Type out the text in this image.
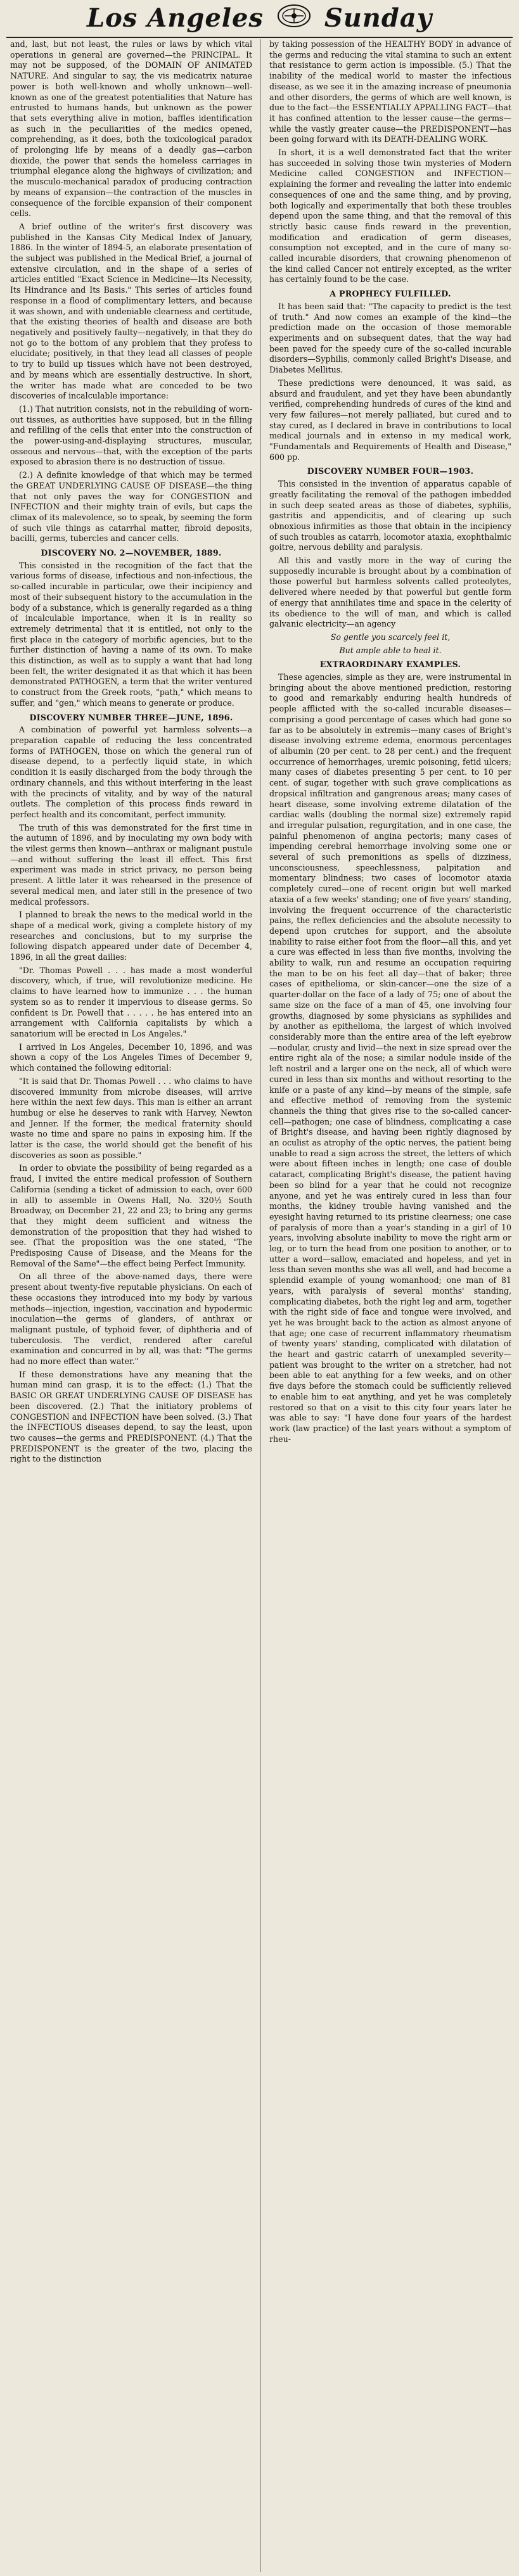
Los Angeles Sunday

and, last, but not least, the rules or laws by which vital operations in general are governed—the PRINCIPAL. It may not be supposed, of the DOMAIN OF ANIMATED NATURE. And singular to say, the vis medicatrix naturae power is both well-known and wholly unknown—well-known as one of the greatest potentialities that Nature has entrusted to humans hands, but unknown as the power that sets everything alive in motion, baffles identification as such in the peculiarities of the medics opened, comprehending, as it does, both the toxicological paradox of prolonging life by means of a deadly gas—carbon dioxide, the power that sends the homeless carriages in triumphal elegance along the highways of civilization; and the musculo-mechanical paradox of producing contraction by means of expansion—the contraction of the muscles in consequence of the forcible expansion of their component cells.

A brief outline of the writer's first discovery was published in the Kansas City Medical Index of January, 1886. In the winter of 1894-5, an elaborate presentation of the subject was published in the Medical Brief, a journal of extensive circulation, and in the shape of a series of articles entitled "Exact Science in Medicine—Its Necessity, Its Hindrance and Its Basis." This series of articles found response in a flood of complimentary letters, and because it was shown, and with undeniable clearness and certitude, that the existing theories of health and disease are both negatively and positively faulty—negatively, in that they do not go to the bottom of any problem that they profess to elucidate; positively, in that they lead all classes of people to try to build up tissues which have not been destroyed, and by means which are essentially destructive. In short, the writer has made what are conceded to be two discoveries of incalculable importance:

(1.) That nutrition consists, not in the rebuilding of worn-out tissues, as authorities have supposed, but in the filling and refilling of the cells that enter into the construction of the power-using-and-displaying structures, muscular, osseous and nervous—that, with the exception of the parts exposed to abrasion there is no destruction of tissue.

(2.) A definite knowledge of that which may be termed the GREAT UNDERLYING CAUSE OF DISEASE—the thing that not only paves the way for CONGESTION and INFECTION and their mighty train of evils, but caps the climax of its malevolence, so to speak, by seeming the form of such vile things as catarrhal matter, fibroid deposits, bacilli, germs, tubercles and cancer cells.

DISCOVERY NO. 2—NOVEMBER, 1889.

This consisted in the recognition of the fact that the various forms of disease, infectious and non-infectious, the so-called incurable in particular, owe their incipiency and most of their subsequent history to the accumulation in the body of a substance, which is generally regarded as a thing of incalculable importance, when it is in reality so extremely detrimental that it is entitled, not only to the first place in the category of morbific agencies, but to the further distinction of having a name of its own. To make this distinction, as well as to supply a want that had long been felt, the writer designated it as that which it has been demonstrated PATHOGEN, a term that the writer ventured to construct from the Greek roots, "path," which means to suffer, and "gen," which means to generate or produce.

DISCOVERY NUMBER THREE—JUNE, 1896.

A combination of powerful yet harmless solvents—a preparation capable of reducing the less concentrated forms of PATHOGEN, those on which the general run of disease depend, to a perfectly liquid state, in which condition it is easily discharged from the body through the ordinary channels, and this without interfering in the least with the precincts of vitality, and by way of the natural outlets. The completion of this process finds reward in perfect health and its concomitant, perfect immunity.

The truth of this was demonstrated for the first time in the autumn of 1896, and by inoculating my own body with the vilest germs then known—anthrax or malignant pustule—and without suffering the least ill effect. This first experiment was made in strict privacy, no person being present. A little later it was rehearsed in the presence of several medical men, and later still in the presence of two medical professors.

I planned to break the news to the medical world in the shape of a medical work, giving a complete history of my researches and conclusions, but to my surprise the following dispatch appeared under date of December 4, 1896, in all the great dailies:

"Dr. Thomas Powell . . . has made a most wonderful discovery, which, if true, will revolutionize medicine. He claims to have learned how to immunize . . . the human system so as to render it impervious to disease germs. So confident is Dr. Powell that . . . . . he has entered into an arrangement with California capitalists by which a sanatorium will be erected in Los Angeles."

I arrived in Los Angeles, December 10, 1896, and was shown a copy of the Los Angeles Times of December 9, which contained the following editorial:

"It is said that Dr. Thomas Powell . . . who claims to have discovered immunity from microbe diseases, will arrive here within the next few days. This man is either an arrant humbug or else he deserves to rank with Harvey, Newton and Jenner. If the former, the medical fraternity should waste no time and spare no pains in exposing him. If the latter is the case, the world should get the benefit of his discoveries as soon as possible."

In order to obviate the possibility of being regarded as a fraud, I invited the entire medical profession of Southern California (sending a ticket of admission to each, over 600 in all) to assemble in Owens Hall, No. 320½ South Broadway, on December 21, 22 and 23; to bring any germs that they might deem sufficient and witness the demonstration of the proposition that they had wished to see. (That the proposition was the one stated, "The Predisposing Cause of Disease, and the Means for the Removal of the Same"—the effect being Perfect Immunity.

On all three of the above-named days, there were present about twenty-five reputable physicians. On each of these occasions they introduced into my body by various methods—injection, ingestion, vaccination and hypodermic inoculation—the germs of glanders, of anthrax or malignant pustule, of typhoid fever, of diphtheria and of tuberculosis. The verdict, rendered after careful examination and concurred in by all, was that: "The germs had no more effect than water."

If these demonstrations have any meaning that the human mind can grasp, it is to the effect: (1.) That the BASIC OR GREAT UNDERLYING CAUSE OF DISEASE has been discovered. (2.) That the initiatory problems of CONGESTION and INFECTION have been solved. (3.) That the INFECTIOUS diseases depend, to say the least, upon two causes—the germs and PREDISPONENT. (4.) That the PREDISPONENT is the greater of the two, placing the right to the distinction

by taking possession of the HEALTHY BODY in advance of the germs and reducing the vital stamina to such an extent that resistance to germ action is impossible. (5.) That the inability of the medical world to master the infectious disease, as we see it in the amazing increase of pneumonia and other disorders, the germs of which are well known, is due to the fact—the ESSENTIALLY APPALLING FACT—that it has confined attention to the lesser cause—the germs—while the vastly greater cause—the PREDISPONENT—has been going forward with its DEATH-DEALING WORK.

In short, it is a well demonstrated fact that the writer has succeeded in solving those twin mysteries of Modern Medicine called CONGESTION and INFECTION—explaining the former and revealing the latter into endemic consequences of one and the same thing, and by proving, both logically and experimentally that both these troubles depend upon the same thing, and that the removal of this strictly basic cause finds reward in the prevention, modification and eradication of germ diseases, consumption not excepted, and in the cure of many so-called incurable disorders, that crowning phenomenon of the kind called Cancer not entirely excepted, as the writer has certainly found to be the case.

A PROPHECY FULFILLED.

It has been said that: "The capacity to predict is the test of truth." And now comes an example of the kind—the prediction made on the occasion of those memorable experiments and on subsequent dates, that the way had been paved for the speedy cure of the so-called incurable disorders—Syphilis, commonly called Bright's Disease, and Diabetes Mellitus.

These predictions were denounced, it was said, as absurd and fraudulent, and yet they have been abundantly verified, comprehending hundreds of cures of the kind and very few failures—not merely palliated, but cured and to stay cured, as I declared in brave in contributions to local medical journals and in extenso in my medical work, "Fundamentals and Requirements of Health and Disease," 600 pp.

DISCOVERY NUMBER FOUR—1903.

This consisted in the invention of apparatus capable of greatly facilitating the removal of the pathogen imbedded in such deep seated areas as those of diabetes, syphilis, gastritis and appendicitis, and of clearing up such obnoxious infirmities as those that obtain in the incipiency of such troubles as catarrh, locomotor ataxia, exophthalmic goitre, nervous debility and paralysis.

All this and vastly more in the way of curing the supposedly incurable is brought about by a combination of those powerful but harmless solvents called proteolytes, delivered where needed by that powerful but gentle form of energy that annihilates time and space in the celerity of its obedience to the will of man, and which is called galvanic electricity—an agency

So gentle you scarcely feel it,
But ample able to heal it.
EXTRAORDINARY EXAMPLES.

These agencies, simple as they are, were instrumental in bringing about the above mentioned prediction, restoring to good and remarkably enduring health hundreds of people afflicted with the so-called incurable diseases—comprising a good percentage of cases which had gone so far as to be absolutely in extremis—many cases of Bright's disease involving extreme edema, enormous percentages of albumin (20 per cent. to 28 per cent.) and the frequent occurrence of hemorrhages, uremic poisoning, fetid ulcers; many cases of diabetes presenting 5 per cent. to 10 per cent. of sugar, together with such grave complications as dropsical infiltration and gangrenous areas; many cases of heart disease, some involving extreme dilatation of the cardiac walls (doubling the normal size) extremely rapid and irregular pulsation, regurgitation, and in one case, the painful phenomenon of angina pectoris; many cases of impending cerebral hemorrhage involving some one or several of such premonitions as spells of dizziness, unconsciousness, speechlessness, palpitation and momentary blindness; two cases of locomotor ataxia completely cured—one of recent origin but well marked ataxia of a few weeks' standing; one of five years' standing, involving the frequent occurrence of the characteristic pains, the reflex deficiencies and the absolute necessity to depend upon crutches for support, and the absolute inability to raise either foot from the floor—all this, and yet a cure was effected in less than five months, involving the ability to walk, run and resume an occupation requiring the man to be on his feet all day—that of baker; three cases of epithelioma, or skin-cancer—one the size of a quarter-dollar on the face of a lady of 75; one of about the same size on the face of a man of 45, one involving four growths, diagnosed by some physicians as syphilides and by another as epithelioma, the largest of which involved considerably more than the entire area of the left eyebrow—nodular, crusty and livid—the next in size spread over the entire right ala of the nose; a similar nodule inside of the left nostril and a larger one on the neck, all of which were cured in less than six months and without resorting to the knife or a paste of any kind—by means of the simple, safe and effective method of removing from the systemic channels the thing that gives rise to the so-called cancer-cell—pathogen; one case of blindness, complicating a case of Bright's disease, and having been rightly diagnosed by an oculist as atrophy of the optic nerves, the patient being unable to read a sign across the street, the letters of which were about fifteen inches in length; one case of double cataract, complicating Bright's disease, the patient having been so blind for a year that he could not recognize anyone, and yet he was entirely cured in less than four months, the kidney trouble having vanished and the eyesight having returned to its pristine clearness; one case of paralysis of more than a year's standing in a girl of 10 years, involving absolute inability to move the right arm or leg, or to turn the head from one position to another, or to utter a word—sallow, emaciated and hopeless, and yet in less than seven months she was all well, and had become a splendid example of young womanhood; one man of 81 years, with paralysis of several months' standing, complicating diabetes, both the right leg and arm, together with the right side of face and tongue were involved, and yet he was brought back to the action as almost anyone of that age; one case of recurrent inflammatory rheumatism of twenty years' standing, complicated with dilatation of the heart and gastric catarrh of unexampled severity—patient was brought to the writer on a stretcher, had not been able to eat anything for a few weeks, and on other five days before the stomach could be sufficiently relieved to enable him to eat anything, and yet he was completely restored so that on a visit to this city four years later he was able to say: "I have done four years of the hardest work (law practice) of the last years without a symptom of rheu-
